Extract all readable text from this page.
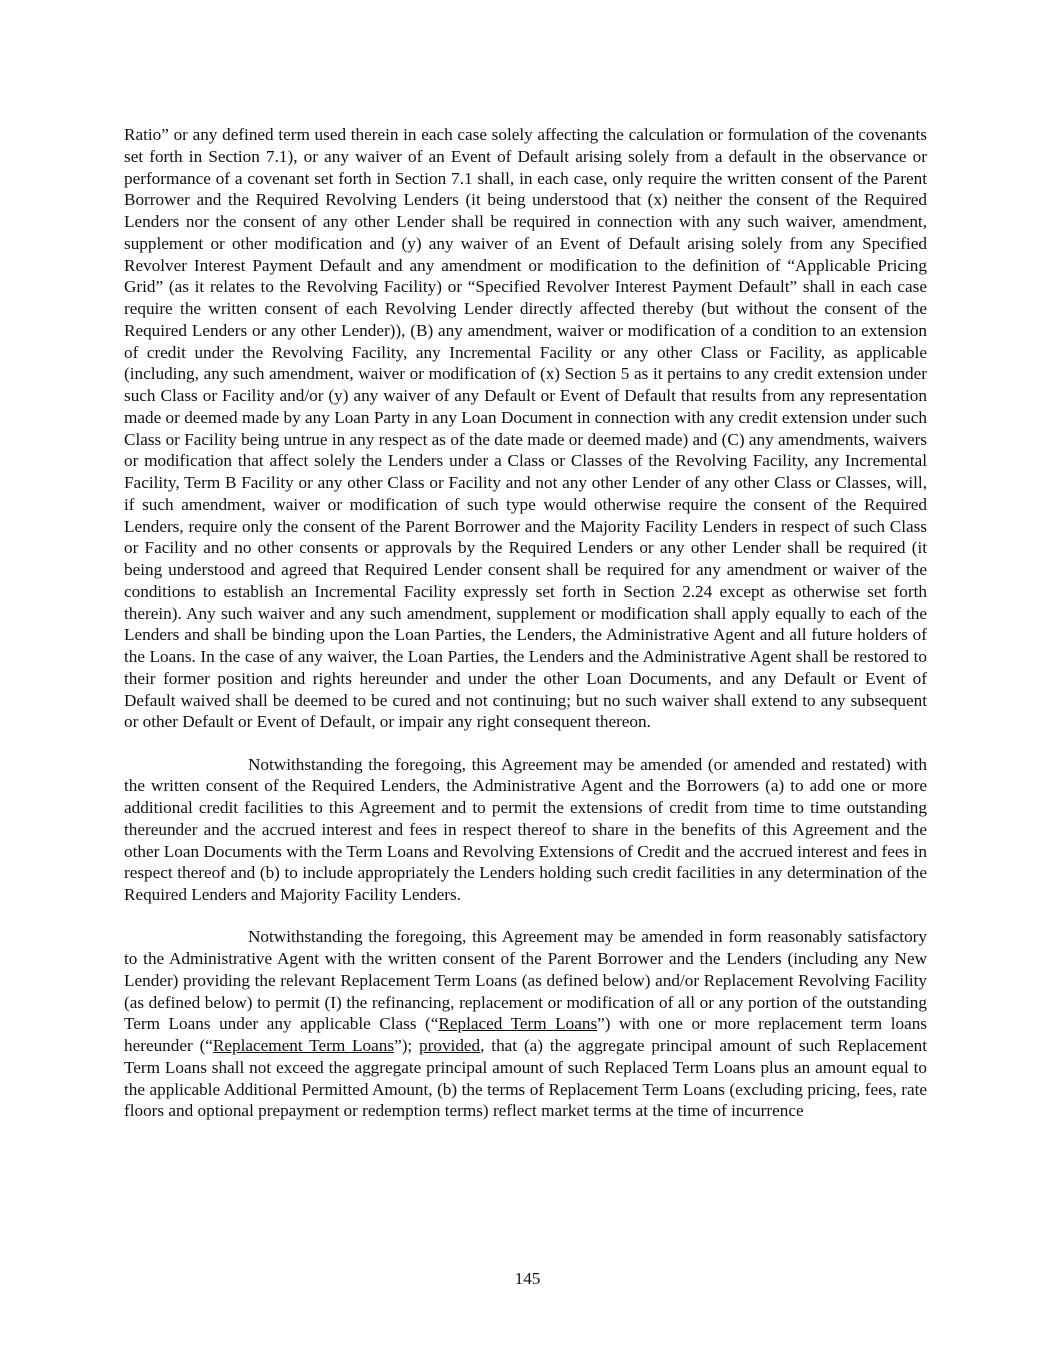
Ratio” or any defined term used therein in each case solely affecting the calculation or formulation of the covenants set forth in Section 7.1), or any waiver of an Event of Default arising solely from a default in the observance or performance of a covenant set forth in Section 7.1 shall, in each case, only require the written consent of the Parent Borrower and the Required Revolving Lenders (it being understood that (x) neither the consent of the Required Lenders nor the consent of any other Lender shall be required in connection with any such waiver, amendment, supplement or other modification and (y) any waiver of an Event of Default arising solely from any Specified Revolver Interest Payment Default and any amendment or modification to the definition of “Applicable Pricing Grid” (as it relates to the Revolving Facility) or “Specified Revolver Interest Payment Default” shall in each case require the written consent of each Revolving Lender directly affected thereby (but without the consent of the Required Lenders or any other Lender)), (B) any amendment, waiver or modification of a condition to an extension of credit under the Revolving Facility, any Incremental Facility or any other Class or Facility, as applicable (including, any such amendment, waiver or modification of (x) Section 5 as it pertains to any credit extension under such Class or Facility and/or (y) any waiver of any Default or Event of Default that results from any representation made or deemed made by any Loan Party in any Loan Document in connection with any credit extension under such Class or Facility being untrue in any respect as of the date made or deemed made) and (C) any amendments, waivers or modification that affect solely the Lenders under a Class or Classes of the Revolving Facility, any Incremental Facility, Term B Facility or any other Class or Facility and not any other Lender of any other Class or Classes, will, if such amendment, waiver or modification of such type would otherwise require the consent of the Required Lenders, require only the consent of the Parent Borrower and the Majority Facility Lenders in respect of such Class or Facility and no other consents or approvals by the Required Lenders or any other Lender shall be required (it being understood and agreed that Required Lender consent shall be required for any amendment or waiver of the conditions to establish an Incremental Facility expressly set forth in Section 2.24 except as otherwise set forth therein). Any such waiver and any such amendment, supplement or modification shall apply equally to each of the Lenders and shall be binding upon the Loan Parties, the Lenders, the Administrative Agent and all future holders of the Loans. In the case of any waiver, the Loan Parties, the Lenders and the Administrative Agent shall be restored to their former position and rights hereunder and under the other Loan Documents, and any Default or Event of Default waived shall be deemed to be cured and not continuing; but no such waiver shall extend to any subsequent or other Default or Event of Default, or impair any right consequent thereon.

Notwithstanding the foregoing, this Agreement may be amended (or amended and restated) with the written consent of the Required Lenders, the Administrative Agent and the Borrowers (a) to add one or more additional credit facilities to this Agreement and to permit the extensions of credit from time to time outstanding thereunder and the accrued interest and fees in respect thereof to share in the benefits of this Agreement and the other Loan Documents with the Term Loans and Revolving Extensions of Credit and the accrued interest and fees in respect thereof and (b) to include appropriately the Lenders holding such credit facilities in any determination of the Required Lenders and Majority Facility Lenders.

Notwithstanding the foregoing, this Agreement may be amended in form reasonably satisfactory to the Administrative Agent with the written consent of the Parent Borrower and the Lenders (including any New Lender) providing the relevant Replacement Term Loans (as defined below) and/or Replacement Revolving Facility (as defined below) to permit (I) the refinancing, replacement or modification of all or any portion of the outstanding Term Loans under any applicable Class (“Replaced Term Loans”) with one or more replacement term loans hereunder (“Replacement Term Loans”); provided, that (a) the aggregate principal amount of such Replacement Term Loans shall not exceed the aggregate principal amount of such Replaced Term Loans plus an amount equal to the applicable Additional Permitted Amount, (b) the terms of Replacement Term Loans (excluding pricing, fees, rate floors and optional prepayment or redemption terms) reflect market terms at the time of incurrence

145
